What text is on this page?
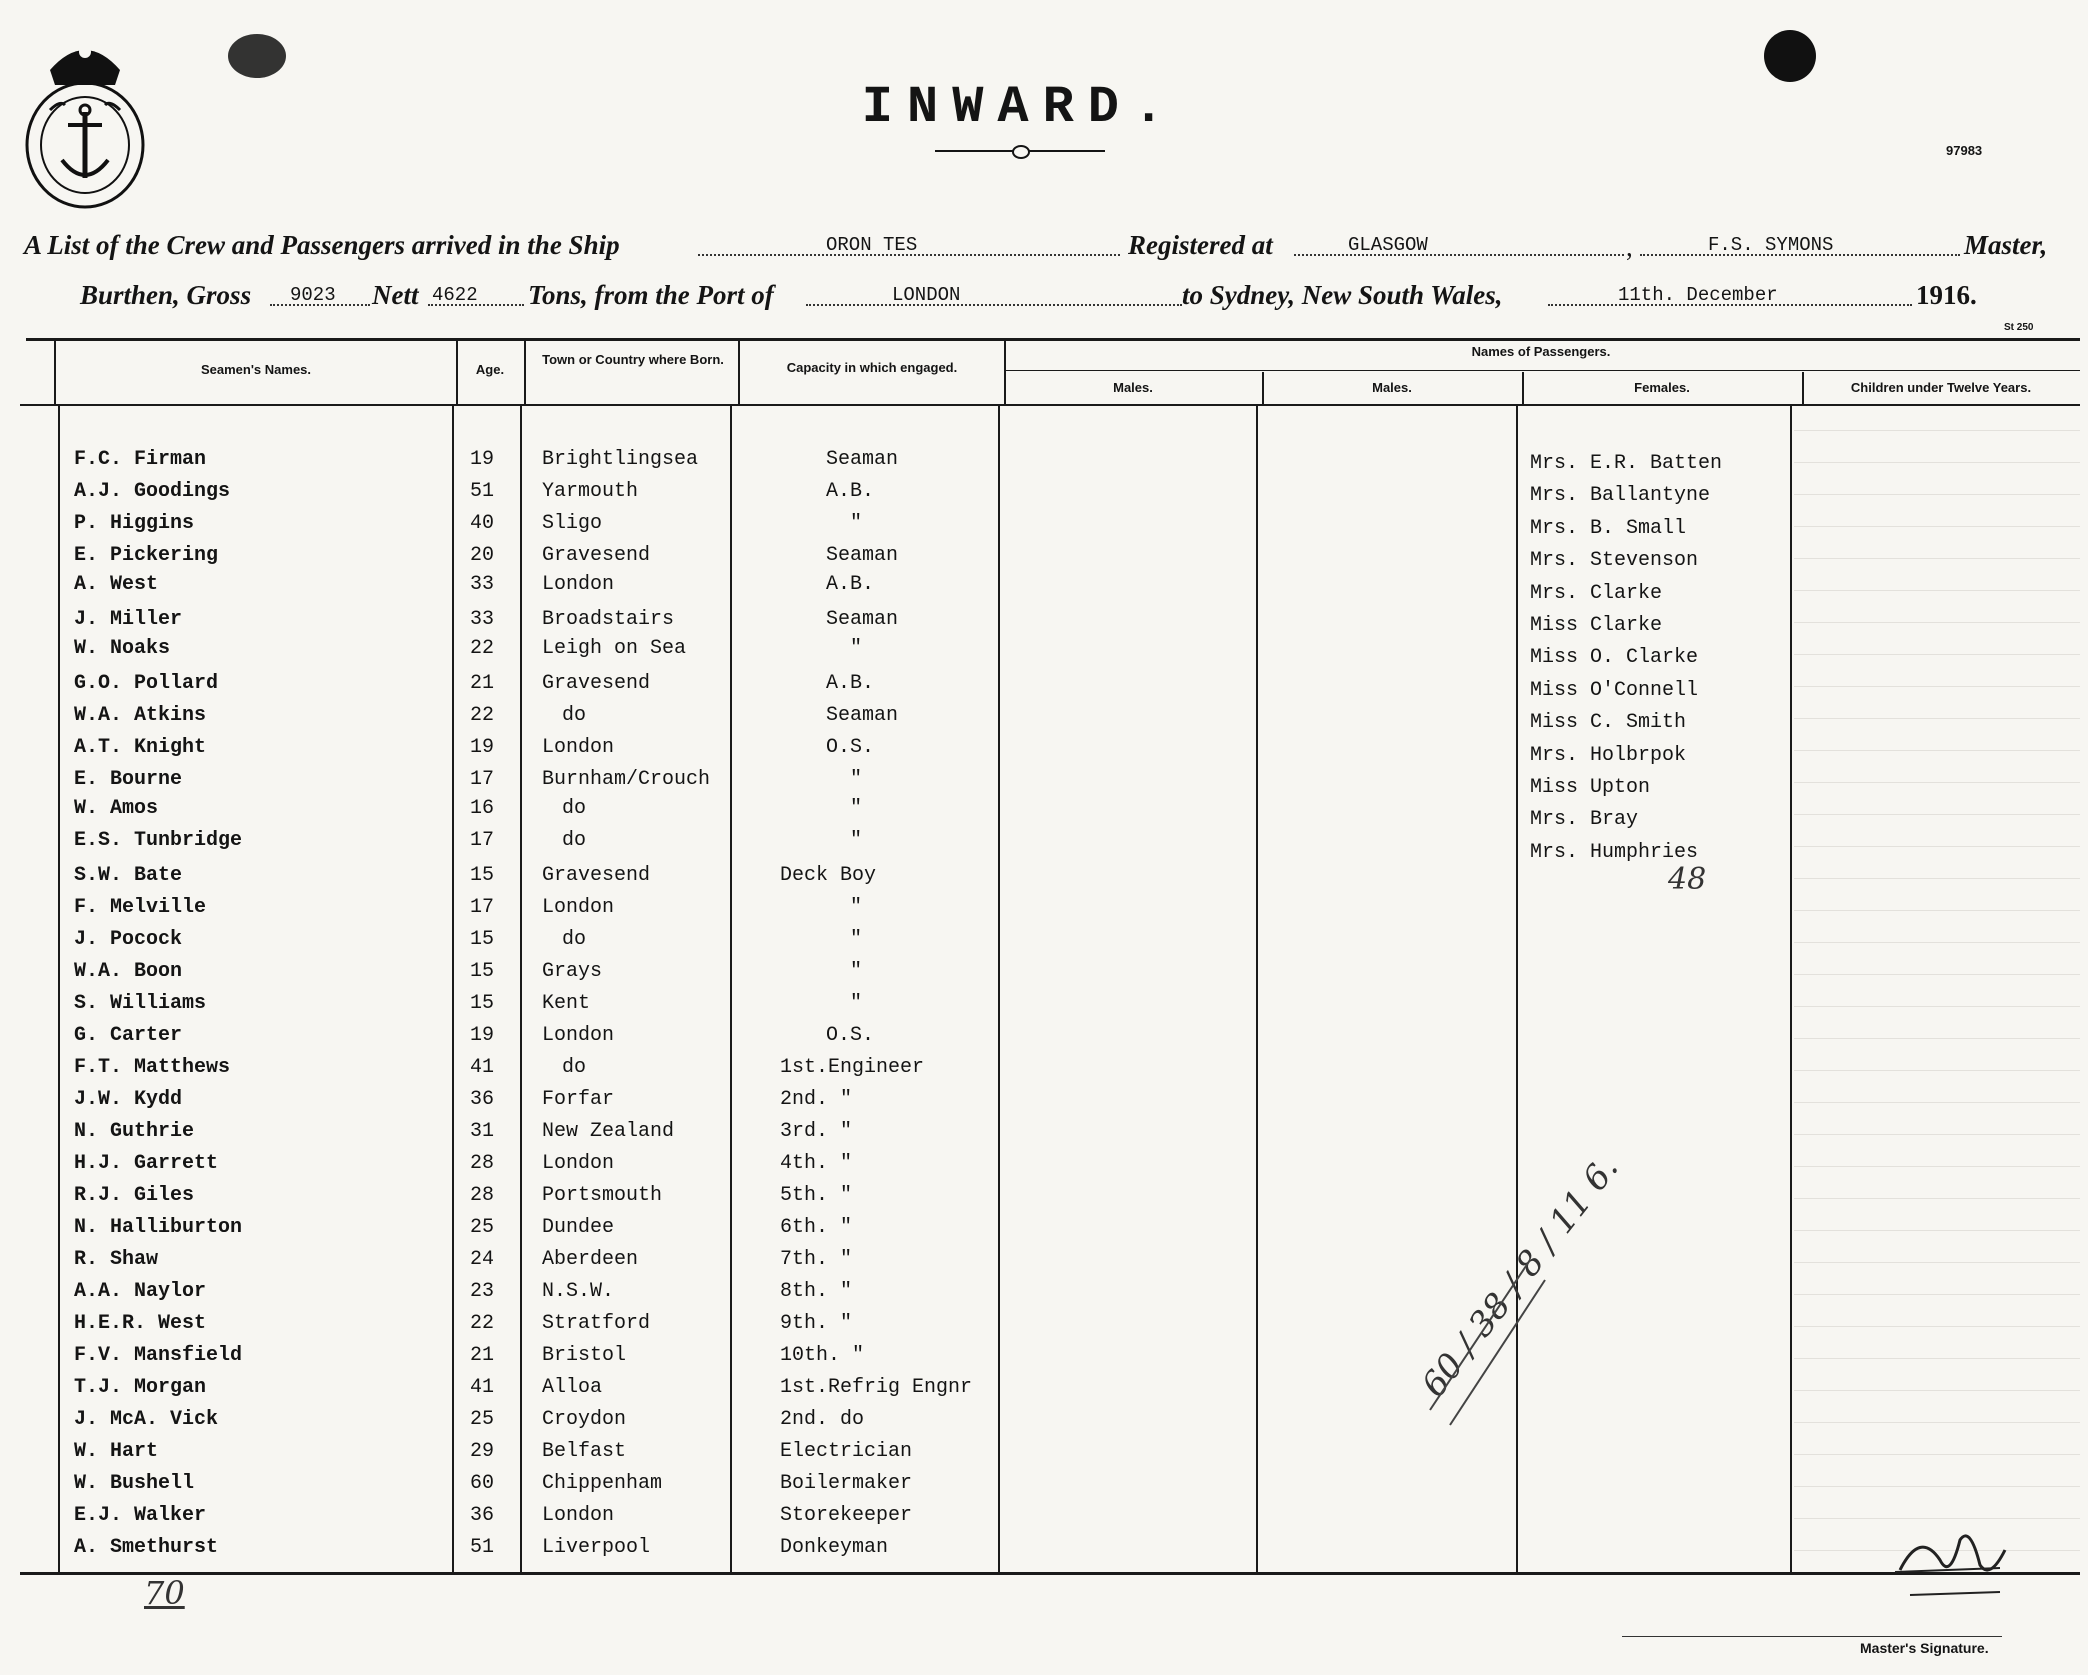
INWARD.
97983
A List of the Crew and Passengers arrived in the Ship	ORON TES	Registered at	GLASGOW	,	F.S. SYMONS	Master,
Burthen, Gross 9023 Nett 4622 Tons, from the Port of	LONDON	to Sydney, New South Wales,	11th. December	1916.
St 250
Seamen's Names.	Age.
Town or Country where Born.
Capacity in which engaged.
Names of Passengers.
Males.	Males.	Females.	Children under Twelve Years.
F.C. Firman	19 Brightlingsea	Seaman
A.J. Goodings	51 Yarmouth	A.B.
P. Higgins	40 Sligo	"
E. Pickering	20 Gravesend	Seaman
A. West	33 London	A.B.
J. Miller	33 Broadstairs	Seaman
W. Noaks	22 Leigh on Sea	"
G.O. Pollard	21 Gravesend	A.B.
W.A. Atkins	22	do	Seaman
A.T. Knight	19 London	O.S.
E. Bourne	17 Burnham/Crouch	"
W. Amos	16	do	"
E.S. Tunbridge	17	do	"
S.W. Bate	15 Gravesend	Deck Boy
F. Melville	17 London	"
J. Pocock	15	do	"
W.A. Boon	15 Grays	"
S. Williams	15 Kent	"
G. Carter	19 London	O.S.
F.T. Matthews	41	do	1st.Engineer
J.W. Kydd	36 Forfar	2nd. "
N. Guthrie	31 New Zealand	3rd. "
H.J. Garrett	28 London	4th. "
R.J. Giles	28 Portsmouth	5th. "
N. Halliburton	25 Dundee	6th. "
R. Shaw	24 Aberdeen	7th. "
A.A. Naylor	23 N.S.W.	8th. "
H.E.R. West	22 Stratford	9th. "
F.V. Mansfield	21 Bristol	10th. "
T.J. Morgan	41 Alloa	1st.Refrig Engnr
J. McA. Vick	25 Croydon	2nd. do
W. Hart	29 Belfast	Electrician
W. Bushell	60 Chippenham	Boilermaker
E.J. Walker	36 London	Storekeeper
A. Smethurst	51 Liverpool	Donkeyman
Mrs. E.R. Batten
Mrs. Ballantyne
Mrs. B. Small
Mrs. Stevenson
Mrs. Clarke
Miss Clarke
Miss O. Clarke
Miss O'Connell
Miss C. Smith
Mrs. Holbrpok
Miss Upton
Mrs. Bray
Mrs. Humphries
48
70
60 / 38 / 8 / 11 6.
Master's Signature.
